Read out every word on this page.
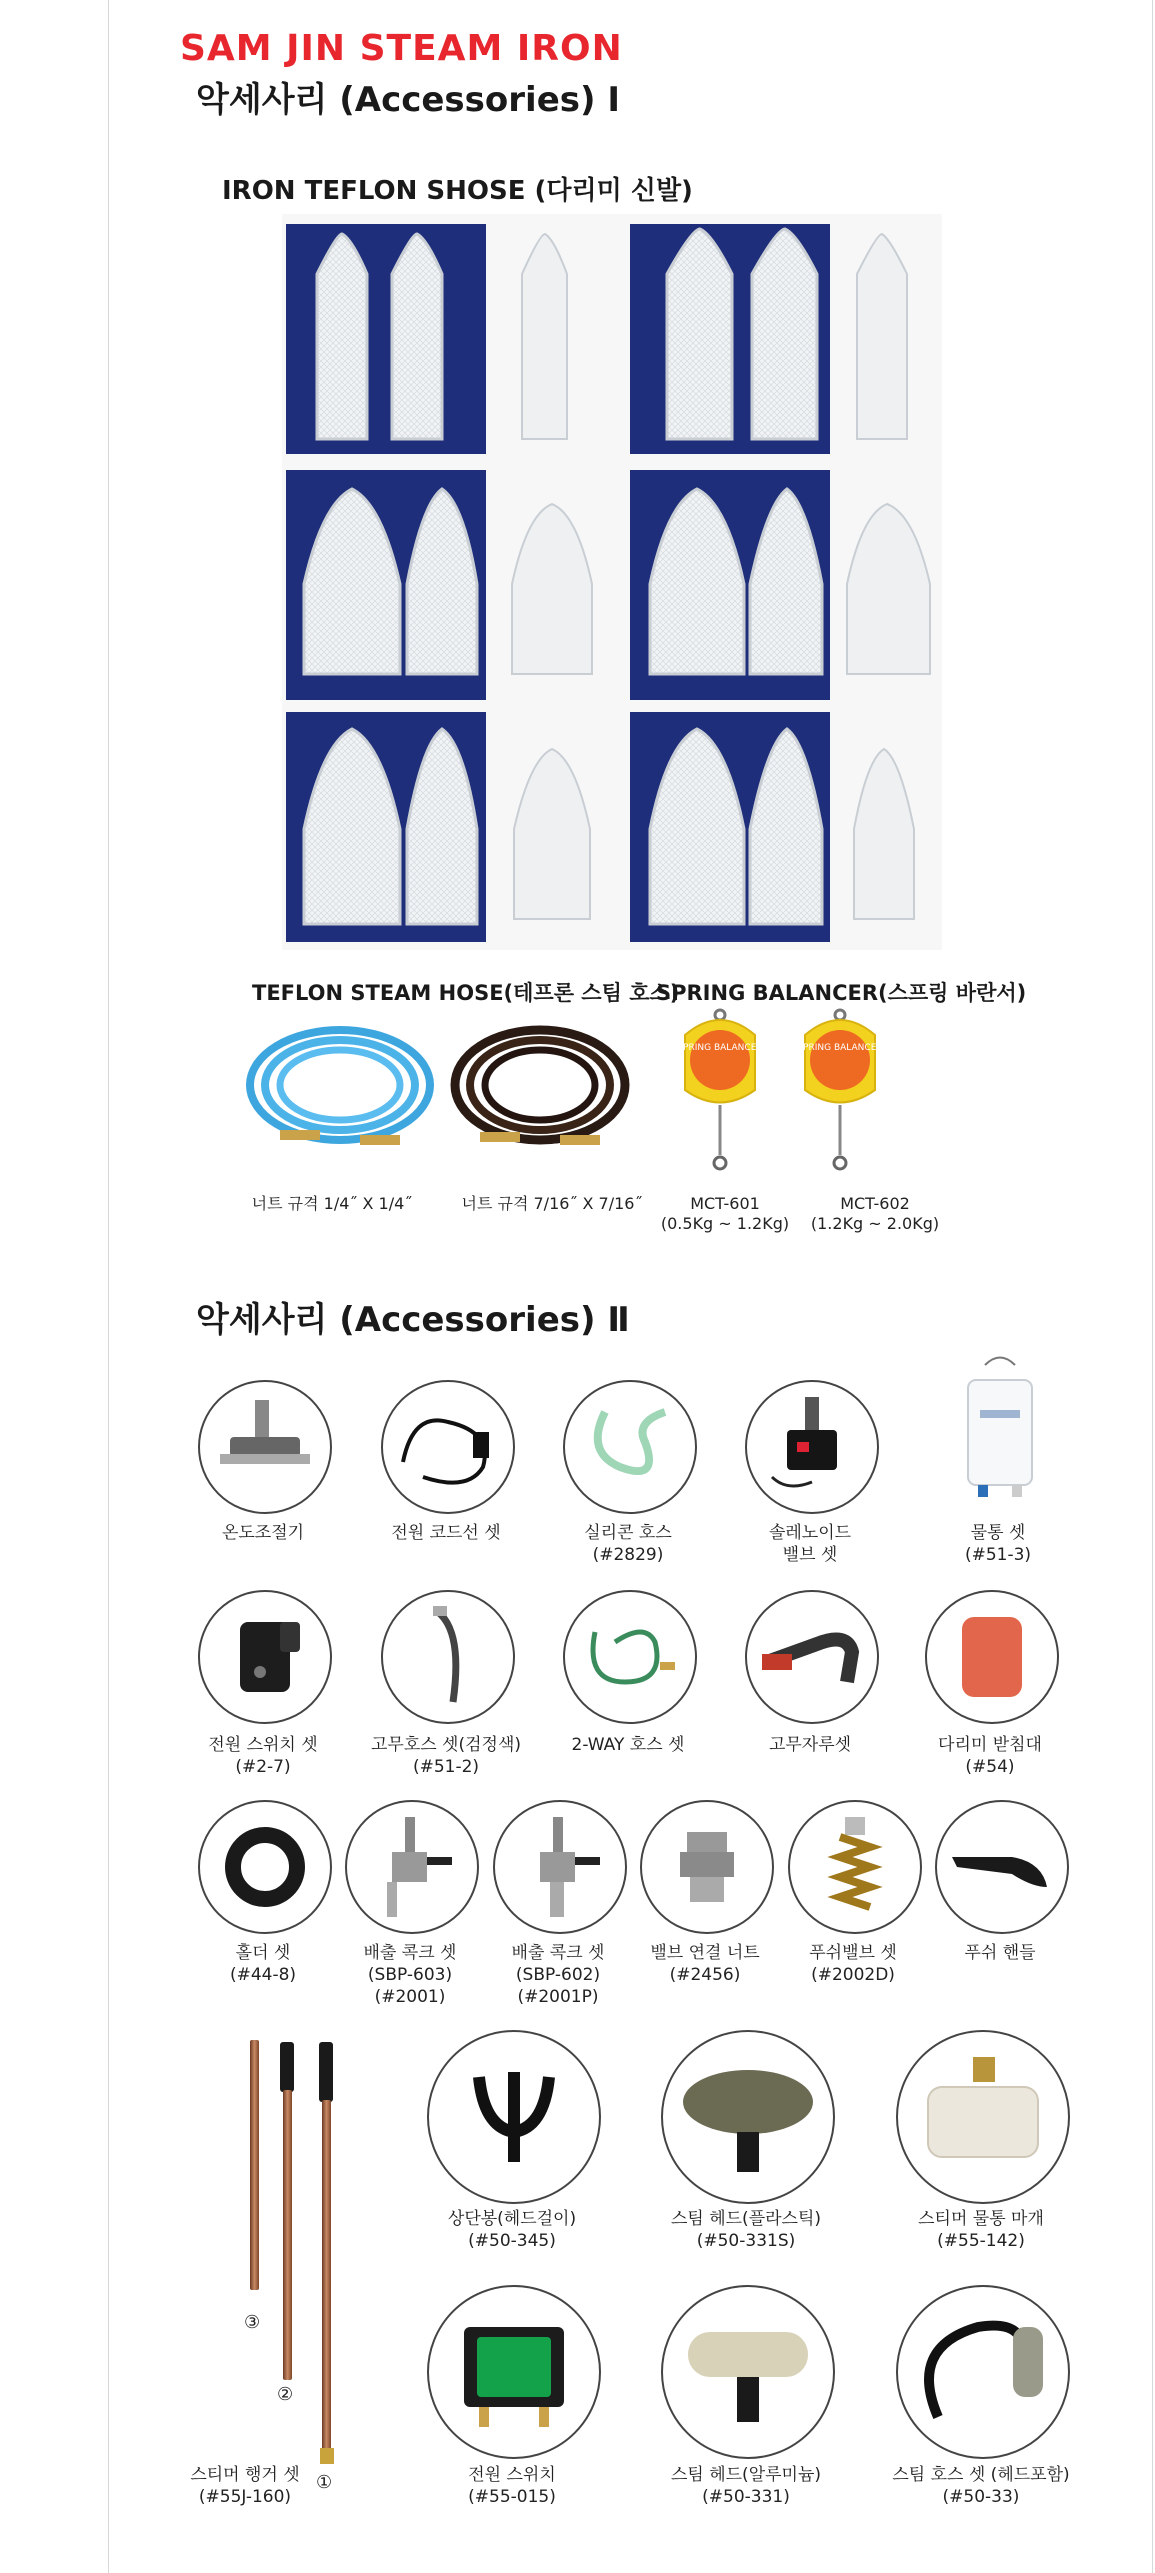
SAM JIN STEAM IRON
악세사리 (Accessories) Ⅰ
IRON TEFLON SHOSE (다리미 신발)
TEFLON STEAM HOSE(테프론 스팀 호스)
SPRING BALANCER(스프링 바란서)
SPRING BALANCER	SPRING BALANCER
너트 규격 1/4˝ X 1/4˝	너트 규격 7/16˝ X 7/16˝	MCT-601
(0.5Kg ~ 1.2Kg)
MCT-602
(1.2Kg ~ 2.0Kg)
악세사리 (Accessories) Ⅱ
온도조절기	전원 코드선 셋	실리콘 호스
(#2829)
솔레노이드
밸브 셋
물통 셋
(#51-3)
전원 스위치 셋
(#2-7)
고무호스 셋(검정색)
(#51-2)
2-WAY 호스 셋	고무자루셋	다리미 받침대
(#54)
홀더 셋
(#44-8)
배출 콕크 셋
(SBP-603)
(#2001)
배출 콕크 셋
(SBP-602)
(#2001P)
밸브 연결 너트
(#2456)
푸쉬밸브 셋
(#2002D)
푸쉬 핸들
③
②
①
스티머 행거 셋
(#55J-160)
상단봉(헤드걸이)
(#50-345)
스팀 헤드(플라스틱)
(#50-331S)
스티머 물통 마개
(#55-142)
전원 스위치
(#55-015)
스팀 헤드(알루미늄)
(#50-331)
스팀 호스 셋 (헤드포함)
(#50-33)
